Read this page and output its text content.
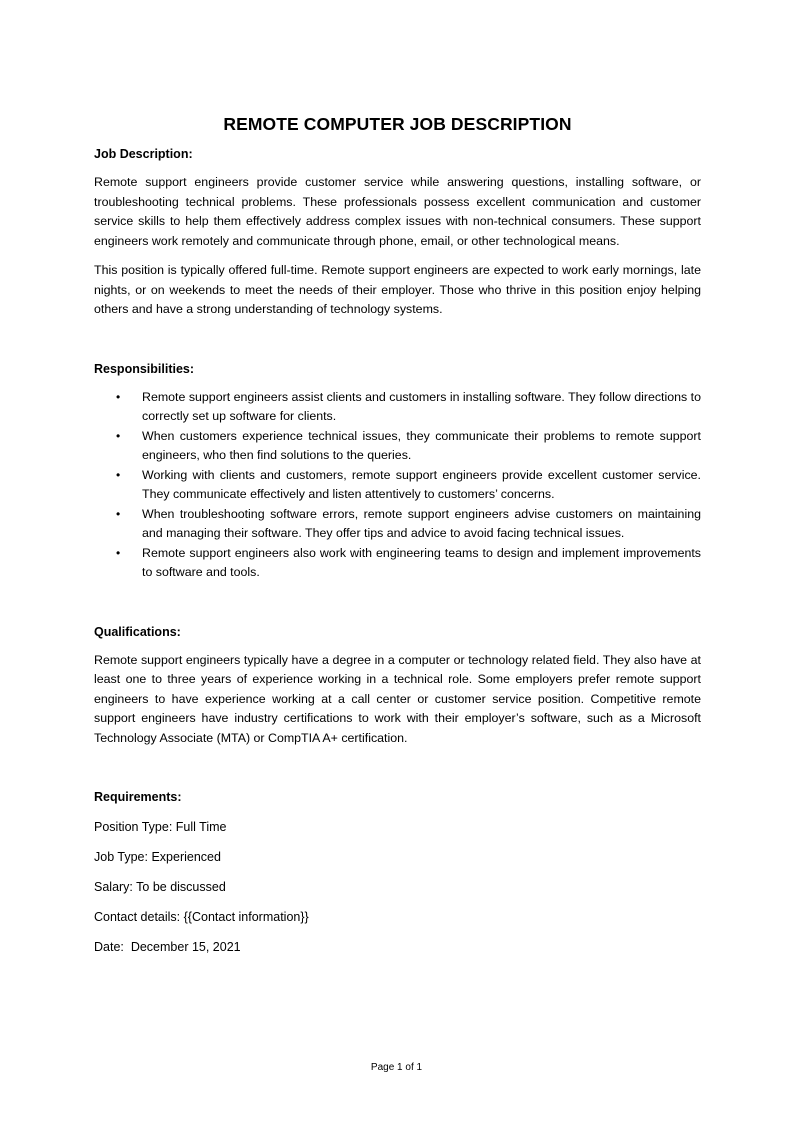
REMOTE COMPUTER JOB DESCRIPTION

Job Description:

Remote support engineers provide customer service while answering questions, installing software, or troubleshooting technical problems. These professionals possess excellent communication and customer service skills to help them effectively address complex issues with non-technical consumers. These support engineers work remotely and communicate through phone, email, or other technological means.

This position is typically offered full-time. Remote support engineers are expected to work early mornings, late nights, or on weekends to meet the needs of their employer. Those who thrive in this position enjoy helping others and have a strong understanding of technology systems.

Responsibilities:

• Remote support engineers assist clients and customers in installing software. They follow directions to correctly set up software for clients.
• When customers experience technical issues, they communicate their problems to remote support engineers, who then find solutions to the queries.
• Working with clients and customers, remote support engineers provide excellent customer service. They communicate effectively and listen attentively to customers’ concerns.
• When troubleshooting software errors, remote support engineers advise customers on maintaining and managing their software. They offer tips and advice to avoid facing technical issues.
• Remote support engineers also work with engineering teams to design and implement improvements to software and tools.

Qualifications:

Remote support engineers typically have a degree in a computer or technology related field. They also have at least one to three years of experience working in a technical role. Some employers prefer remote support engineers to have experience working at a call center or customer service position. Competitive remote support engineers have industry certifications to work with their employer’s software, such as a Microsoft Technology Associate (MTA) or CompTIA A+ certification.

Requirements:

Position Type: Full Time

Job Type: Experienced

Salary: To be discussed

Contact details: {{Contact information}}

Date:  December 15, 2021

Page 1 of 1
